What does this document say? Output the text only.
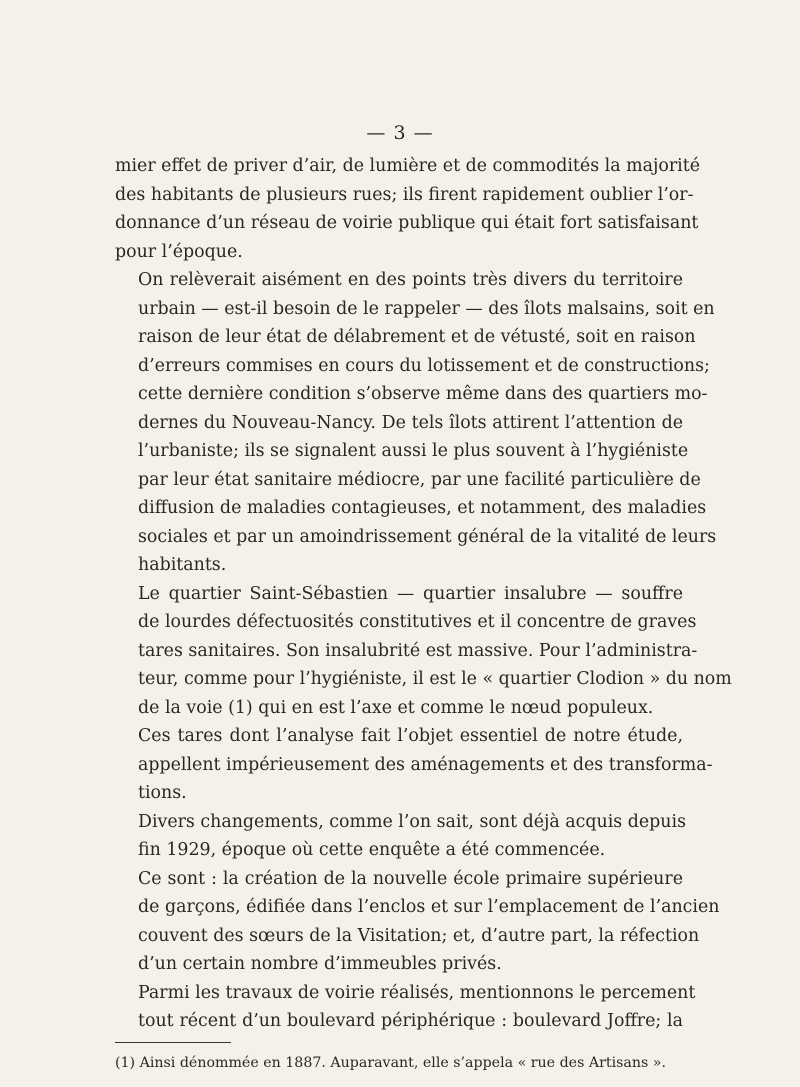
— 3 —

mier effet de priver d’air, de lumière et de commodités la majorité
des habitants de plusieurs rues; ils firent rapidement oublier l’or-
donnance d’un réseau de voirie publique qui était fort satisfaisant
pour l’époque.

On relèverait aisément en des points très divers du territoire
urbain — est-il besoin de le rappeler — des îlots malsains, soit en
raison de leur état de délabrement et de vétusté, soit en raison
d’erreurs commises en cours du lotissement et de constructions;
cette dernière condition s’observe même dans des quartiers mo-
dernes du Nouveau-Nancy. De tels îlots attirent l’attention de
l’urbaniste; ils se signalent aussi le plus souvent à l’hygiéniste
par leur état sanitaire médiocre, par une facilité particulière de
diffusion de maladies contagieuses, et notamment, des maladies
sociales et par un amoindrissement général de la vitalité de leurs
habitants.

Le quartier Saint-Sébastien — quartier insalubre — souffre
de lourdes défectuosités constitutives et il concentre de graves
tares sanitaires. Son insalubrité est massive. Pour l’administra-
teur, comme pour l’hygiéniste, il est le « quartier Clodion » du nom
de la voie (1) qui en est l’axe et comme le nœud populeux.

Ces tares dont l’analyse fait l’objet essentiel de notre étude,
appellent impérieusement des aménagements et des transforma-
tions.

Divers changements, comme l’on sait, sont déjà acquis depuis
fin 1929, époque où cette enquête a été commencée.

Ce sont : la création de la nouvelle école primaire supérieure
de garçons, édifiée dans l’enclos et sur l’emplacement de l’ancien
couvent des sœurs de la Visitation; et, d’autre part, la réfection
d’un certain nombre d’immeubles privés.

Parmi les travaux de voirie réalisés, mentionnons le percement
tout récent d’un boulevard périphérique : boulevard Joffre; la

(1) Ainsi dénommée en 1887. Auparavant, elle s’appela « rue des Artisans ».
